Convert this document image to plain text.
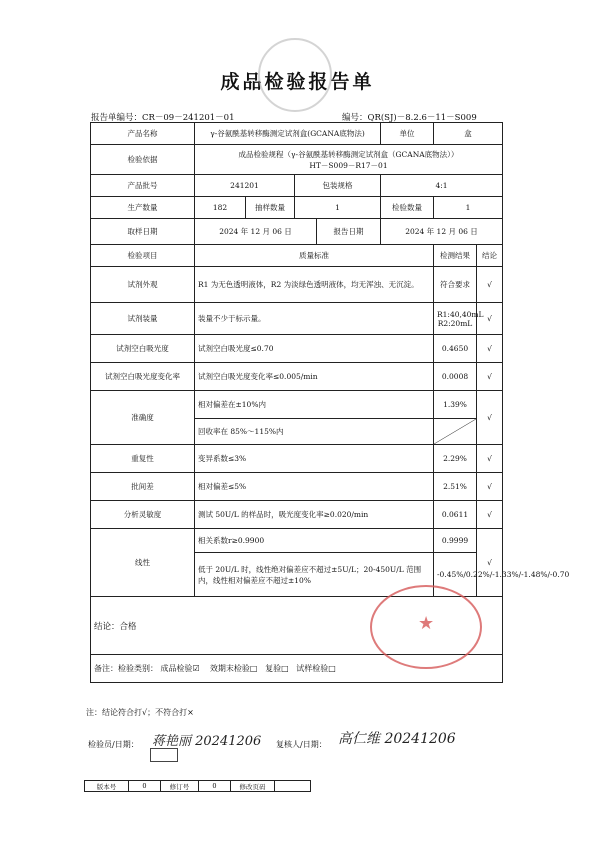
成品检验报告单
报告单编号：CR－09－241201－01	编号：QR(SJ)－8.2.6－11－S009
产品名称	γ-谷氨酰基转移酶测定试剂盒(GCANA底物法)				单位	盒	
检验依据	成品检验规程（γ-谷氨酰基转移酶测定试剂盒（GCANA底物法））
HT－S009－R17－01						

产品批号	241201		包装规格		4:1		
生产数量	182	抽样数量	1		检验数量	1	
取样日期	2024 年 12 月 06 日			报告日期	2024 年 12 月 06 日		
检验项目	质量标准					检测结果	结论
试剂外观	R1 为无色透明液体，R2 为淡绿色透明液体，均无浑浊、无沉淀。					符合要求	√
试剂装量	装量不少于标示量。					R1:40,40mL
R2:20mL	√
试剂空白吸光度	试剂空白吸光度≤0.70					0.4650	√
试剂空白吸光度变化率	试剂空白吸光度变化率≤0.005/min					0.0008	√
准确度	相对偏差在±10%内					1.39%	√
	回收率在 85%～115%内	

重复性	变异系数≤3%					2.29%	√
批间差	相对偏差≤5%					2.51%	√
分析灵敏度	测试 50U/L 的样品时，吸光度变化率≥0.020/min					0.0611	√
线性	相关系数r≥0.9900					0.9999	√
	低于 20U/L 时，线性绝对偏差应不超过±5U/L；20-450U/L 范围内，线性相对偏差应不超过±10%					-0.45%/0.22%/-1.33%/-1.48%/-0.70	
结论：合格							
备注：检验类别： 成品检验☑ 效期末检验□ 复验□ 试样检验□							
★
注：结论符合打√；不符合打×
检验员/日期： 蒋艳丽 20241206 复核人/日期： 高仁维 20241206
版本号	0	修订号	0	修改页码	
